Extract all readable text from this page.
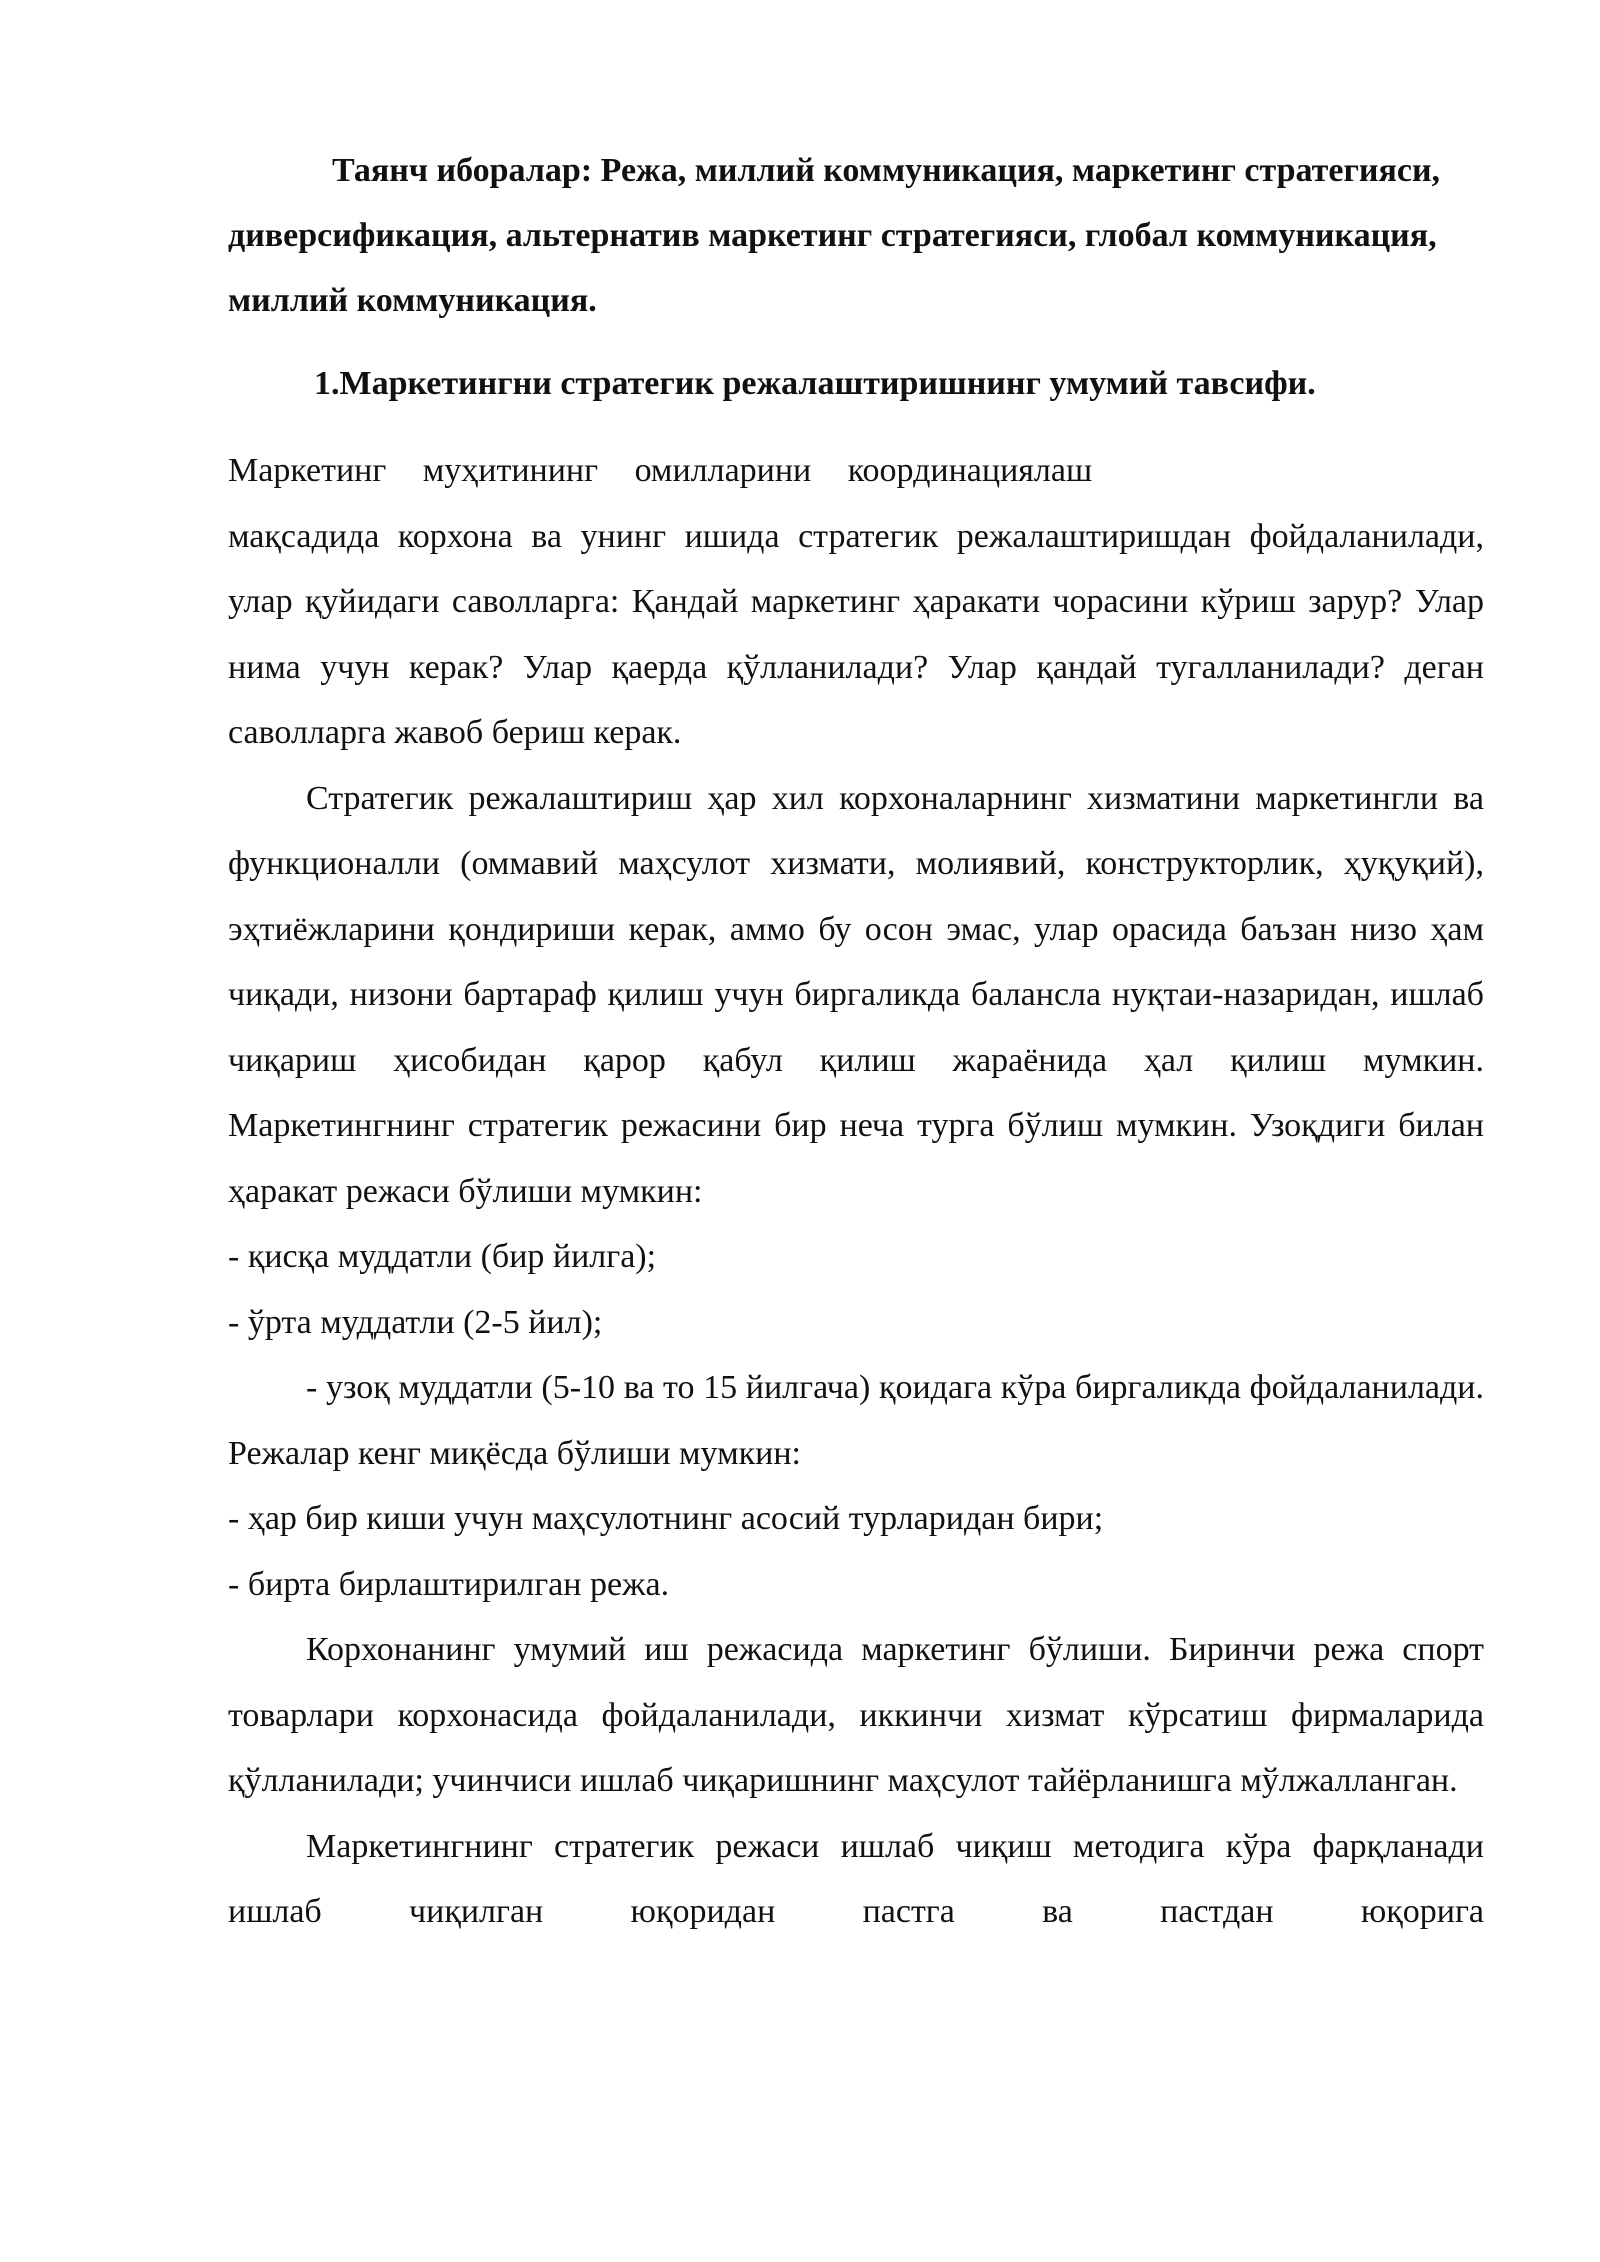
Таянч иборалар: Режа, миллий коммуникация, маркетинг стратегияси, диверсификация, альтернатив маркетинг стратегияси, глобал коммуникация, миллий коммуникация.

1.Маркетингни стратегик режалаштиришнинг умумий тавсифи.

Маркетинг муҳитининг омилларини координациялаш

мақсадида корхона ва унинг ишида стратегик режалаштиришдан фойдаланилади, улар қуйидаги саволларга: Қандай маркетинг ҳаракати чорасини кўриш зарур? Улар нима учун керак? Улар қаерда қўлланилади? Улар қандай тугалланилади? деган саволларга жавоб бериш керак.

Стратегик режалаштириш ҳар хил корхоналарнинг хизматини маркетингли ва функционалли (оммавий маҳсулот хизмати, молиявий, конструкторлик, ҳуқуқий), эҳтиёжларини қондириши керак, аммо бу осон эмас, улар орасида баъзан низо ҳам чиқади, низони бартараф қилиш учун биргаликда балансла нуқтаи-назаридан, ишлаб чиқариш ҳисобидан қарор қабул қилиш жараёнида ҳал қилиш мумкин. Маркетингнинг стратегик режасини бир неча турга бўлиш мумкин. Узоқдиги билан ҳаракат режаси бўлиши мумкин:

- қисқа муддатли (бир йилга);

- ўрта муддатли (2-5 йил);

- узоқ муддатли (5-10 ва то 15 йилгача) қоидага кўра биргаликда фойдаланилади. Режалар кенг миқёсда бўлиши мумкин:

- ҳар бир киши учун маҳсулотнинг асосий турларидан бири;

- бирта бирлаштирилган режа.

Корхонанинг умумий иш режасида маркетинг бўлиши. Биринчи режа спорт товарлари корхонасида фойдаланилади, иккинчи хизмат кўрсатиш фирмаларида қўлланилади; учинчиси ишлаб чиқаришнинг маҳсулот тайёрланишга мўлжалланган.

Маркетингнинг стратегик режаси ишлаб чиқиш методига кўра фарқланади ишлаб чиқилган юқоридан пастга ва пастдан юқорига
